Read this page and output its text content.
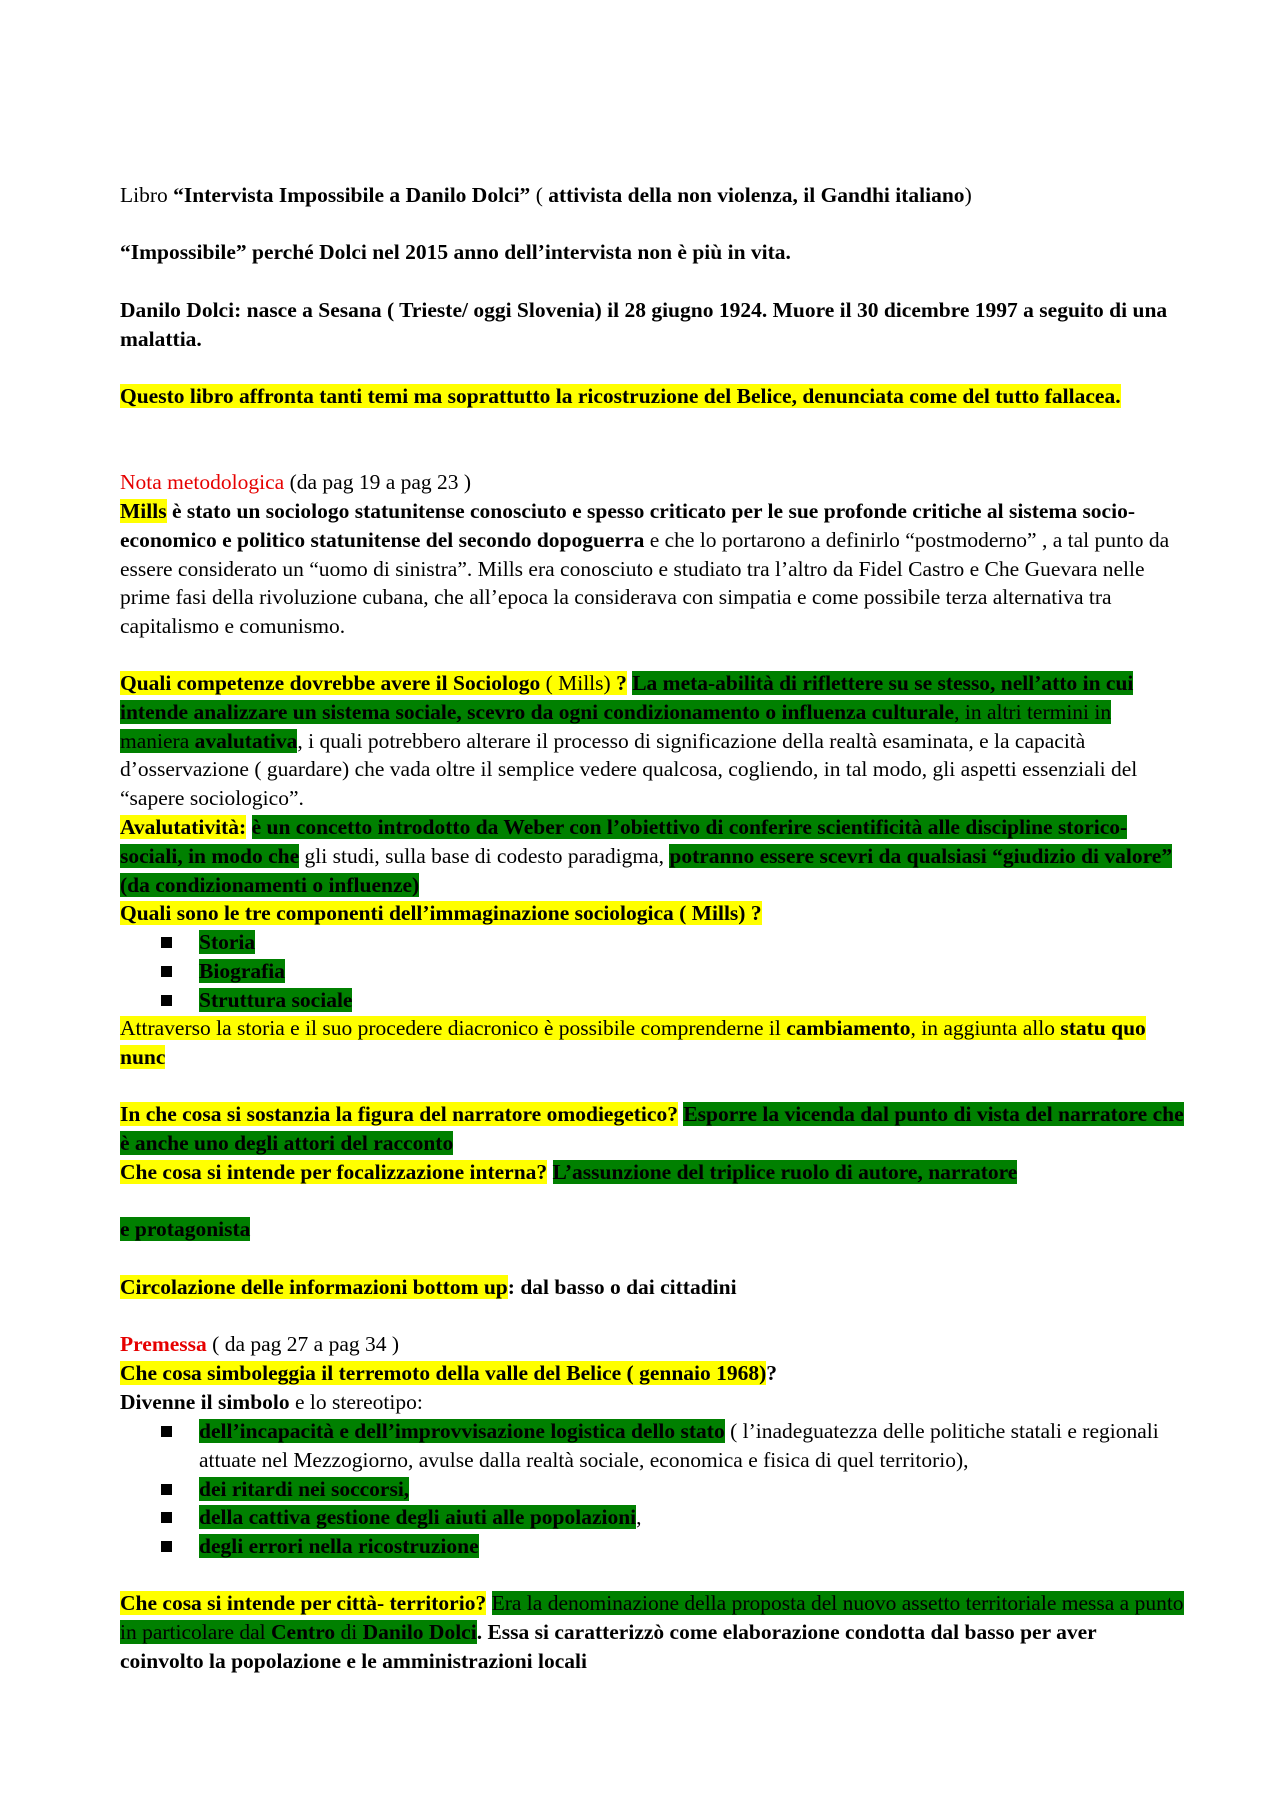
Libro “Intervista Impossibile a Danilo Dolci” ( attivista della non violenza, il Gandhi italiano)
“Impossibile” perché Dolci nel 2015 anno dell’intervista non è più in vita.
Danilo Dolci: nasce a Sesana ( Trieste/ oggi Slovenia) il 28 giugno 1924. Muore il 30 dicembre 1997 a seguito di una malattia.
Questo libro affronta tanti temi ma soprattutto la ricostruzione del Belice, denunciata come del tutto fallacea.
Nota metodologica (da pag 19 a pag 23 )
Mills è stato un sociologo statunitense conosciuto e spesso criticato per le sue profonde critiche al sistema socio-economico e politico statunitense del secondo dopoguerra e che lo portarono a definirlo “postmoderno” , a tal punto da essere considerato un “uomo di sinistra”. Mills era conosciuto e studiato tra l’altro da Fidel Castro e Che Guevara nelle prime fasi della rivoluzione cubana, che all’epoca la considerava con simpatia e come possibile terza alternativa tra capitalismo e comunismo.
Quali competenze dovrebbe avere il Sociologo ( Mills) ? La meta-abilità di riflettere su se stesso, nell’atto in cui intende analizzare un sistema sociale, scevro da ogni condizionamento o influenza culturale, in altri termini in maniera avalutativa, i quali potrebbero alterare il processo di significazione della realtà esaminata, e la capacità d’osservazione ( guardare) che vada oltre il semplice vedere qualcosa, cogliendo, in tal modo, gli aspetti essenziali del “sapere sociologico”.
Avalutatività: è un concetto introdotto da Weber con l’obiettivo di conferire scientificità alle discipline storico-sociali, in modo che gli studi, sulla base di codesto paradigma, potranno essere scevri da qualsiasi “giudizio di valore” (da condizionamenti o influenze)
Quali sono le tre componenti dell’immaginazione sociologica ( Mills) ?
Storia
Biografia
Struttura sociale
Attraverso la storia e il suo procedere diacronico è possibile comprenderne il cambiamento, in aggiunta allo statu quo nunc
In che cosa si sostanzia la figura del narratore omodiegetico? Esporre la vicenda dal punto di vista del narratore che è anche uno degli attori del racconto
Che cosa si intende per focalizzazione interna? L’assunzione del triplice ruolo di autore, narratore
e protagonista
Circolazione delle informazioni bottom up: dal basso o dai cittadini
Premessa ( da pag 27 a pag 34 )
Che cosa simboleggia il terremoto della valle del Belice ( gennaio 1968)?
Divenne il simbolo e lo stereotipo:
dell’incapacità e dell’improvvisazione logistica dello stato ( l’inadeguatezza delle politiche statali e regionali attuate nel Mezzogiorno, avulse dalla realtà sociale, economica e fisica di quel territorio),
dei ritardi nei soccorsi,
della cattiva gestione degli aiuti alle popolazioni,
degli errori nella ricostruzione
Che cosa si intende per città- territorio? Era la denominazione della proposta del nuovo assetto territoriale messa a punto in particolare dal Centro di Danilo Dolci. Essa si caratterizzò come elaborazione condotta dal basso per aver coinvolto la popolazione e le amministrazioni locali
